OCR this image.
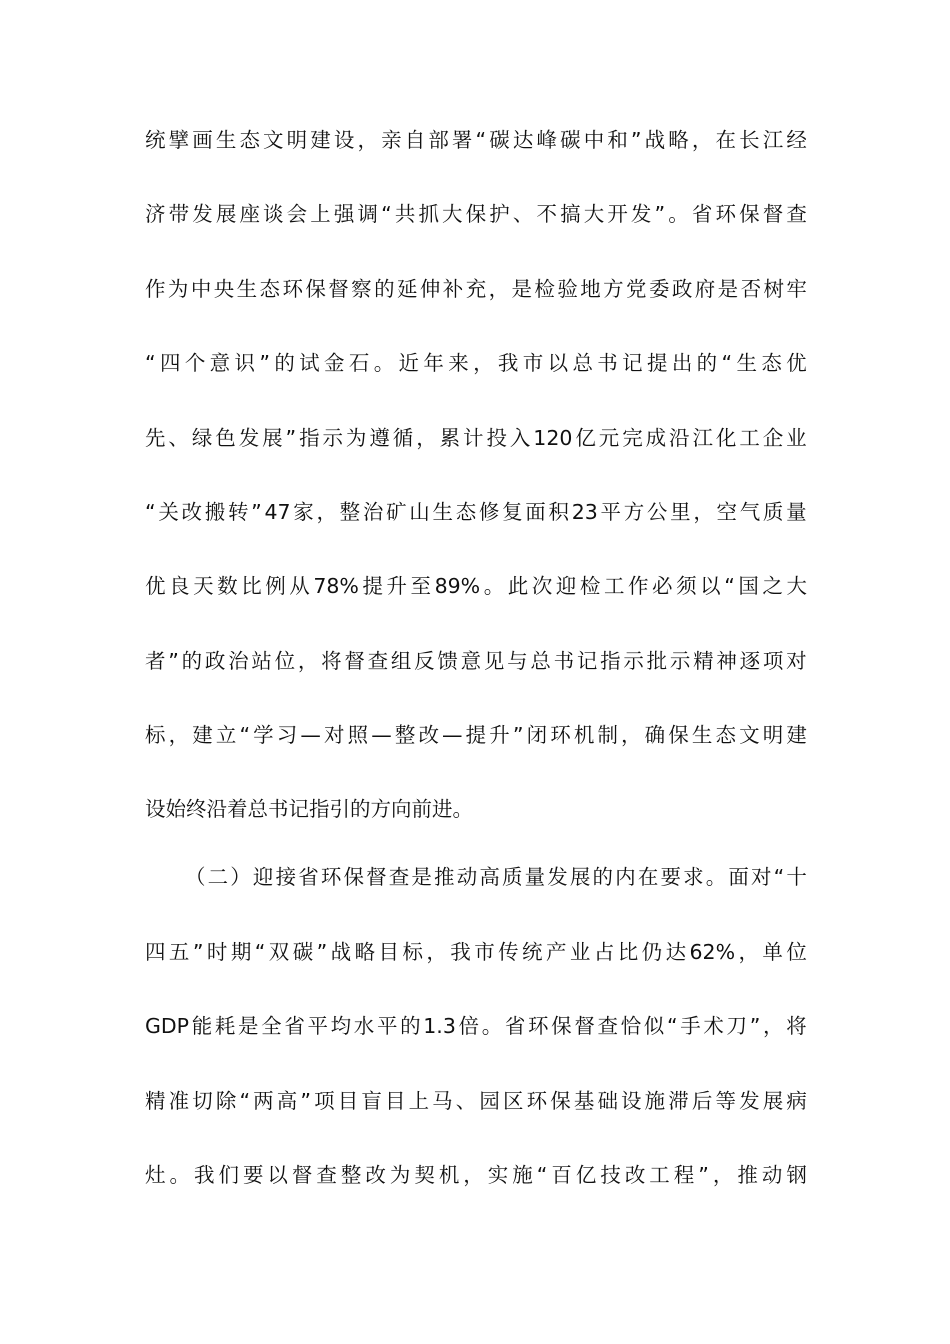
统 擘 画 生 态 文 明 建 设 ， 亲 自 部 署 “ 碳 达 峰 碳 中 和 ” 战 略 ， 在 长 江 经
济 带 发 展 座 谈 会 上 强 调 “ 共 抓 大 保 护 、 不 搞 大 开 发 ” 。 省 环 保 督 查
作 为 中 央 生 态 环 保 督 察 的 延 伸 补 充 ， 是 检 验 地 方 党 委 政 府 是 否 树 牢
“ 四 个 意 识 ” 的 试 金 石 。 近 年 来 ， 我 市 以 总 书 记 提 出 的 “ 生 态 优
先 、 绿 色 发 展 ” 指 示 为 遵 循 ， 累 计 投 入 120 亿 元 完 成 沿 江 化 工 企 业
“ 关 改 搬 转 ” 47 家 ， 整 治 矿 山 生 态 修 复 面 积 23 平 方 公 里 ， 空 气 质 量
优 良 天 数 比 例 从 78% 提 升 至 89% 。 此 次 迎 检 工 作 必 须 以 “ 国 之 大
者 ” 的 政 治 站 位 ， 将 督 查 组 反 馈 意 见 与 总 书 记 指 示 批 示 精 神 逐 项 对
标 ， 建 立 “ 学 习 — 对 照 — 整 改 — 提 升 ” 闭 环 机 制 ， 确 保 生 态 文 明 建
设始终沿着总书记指引的方向前进。
（ 二 ） 迎 接 省 环 保 督 查 是 推 动 高 质 量 发 展 的 内 在 要 求 。 面 对 “ 十
四 五 ” 时 期 “ 双 碳 ” 战 略 目 标 ， 我 市 传 统 产 业 占 比 仍 达 62% ， 单 位
GDP 能 耗 是 全 省 平 均 水 平 的 1.3 倍 。 省 环 保 督 查 恰 似 “ 手 术 刀 ” ， 将
精 准 切 除 “ 两 高 ” 项 目 盲 目 上 马 、 园 区 环 保 基 础 设 施 滞 后 等 发 展 病
灶 。 我 们 要 以 督 查 整 改 为 契 机 ， 实 施 “ 百 亿 技 改 工 程 ” ， 推 动 钢
